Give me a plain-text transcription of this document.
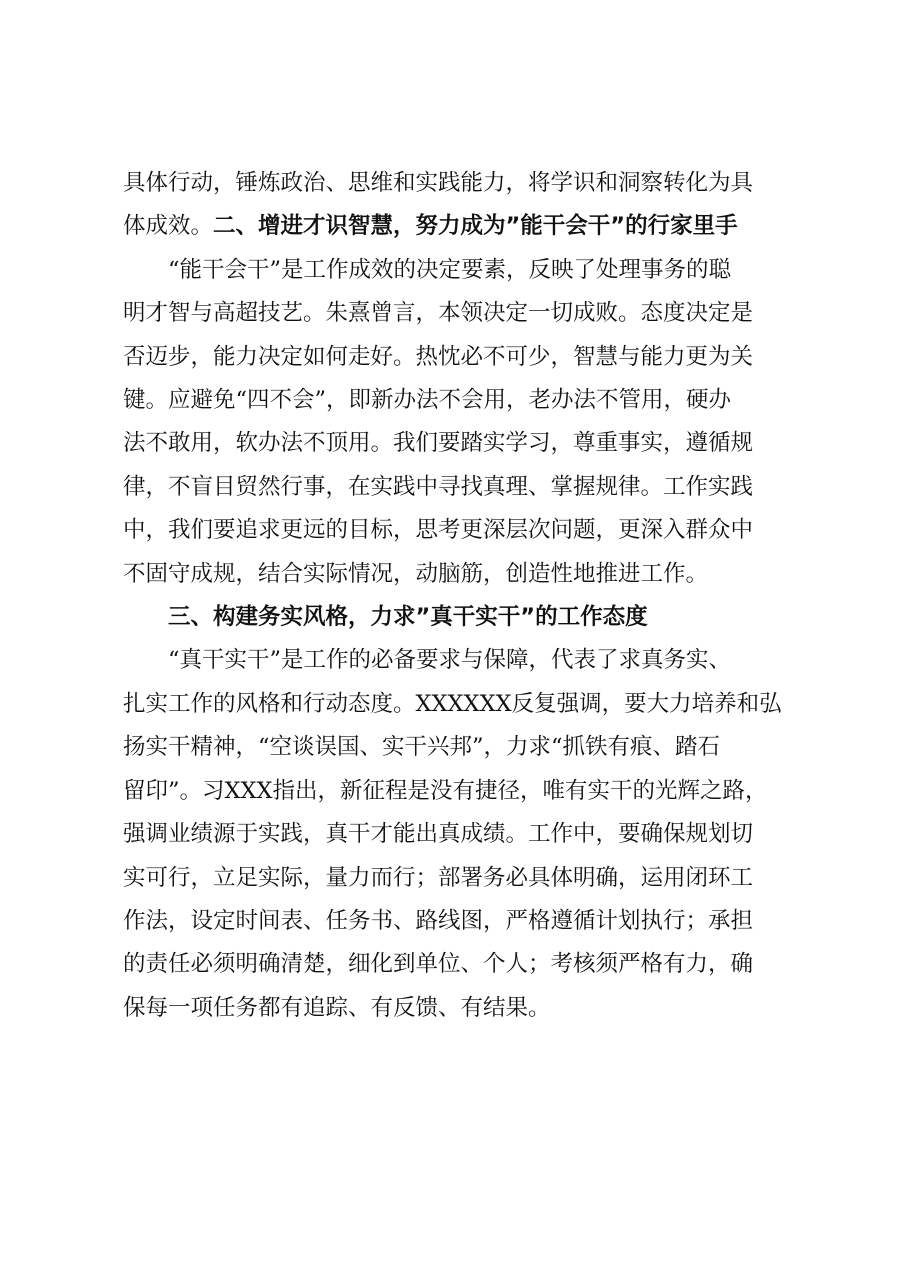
具体行动，锤炼政治、思维和实践能力，将学识和洞察转化为具
体成效。二、增进才识智慧，努力成为”能干会干”的行家里手
“能干会干”是工作成效的决定要素，反映了处理事务的聪
明才智与高超技艺。朱熹曾言，本领决定一切成败。态度决定是
否迈步，能力决定如何走好。热忱必不可少，智慧与能力更为关
键。应避免“四不会”，即新办法不会用，老办法不管用，硬办
法不敢用，软办法不顶用。我们要踏实学习，尊重事实，遵循规
律，不盲目贸然行事，在实践中寻找真理、掌握规律。工作实践
中，我们要追求更远的目标，思考更深层次问题，更深入群众中
不固守成规，结合实际情况，动脑筋，创造性地推进工作。
三、构建务实风格，力求”真干实干”的工作态度
“真干实干”是工作的必备要求与保障，代表了求真务实、
扎实工作的风格和行动态度。XXXXXX反复强调，要大力培养和弘
扬实干精神，“空谈误国、实干兴邦”，力求“抓铁有痕、踏石
留印”。习XXX指出，新征程是没有捷径，唯有实干的光辉之路，
强调业绩源于实践，真干才能出真成绩。工作中，要确保规划切
实可行，立足实际，量力而行；部署务必具体明确，运用闭环工
作法，设定时间表、任务书、路线图，严格遵循计划执行；承担
的责任必须明确清楚，细化到单位、个人；考核须严格有力，确
保每一项任务都有追踪、有反馈、有结果。
